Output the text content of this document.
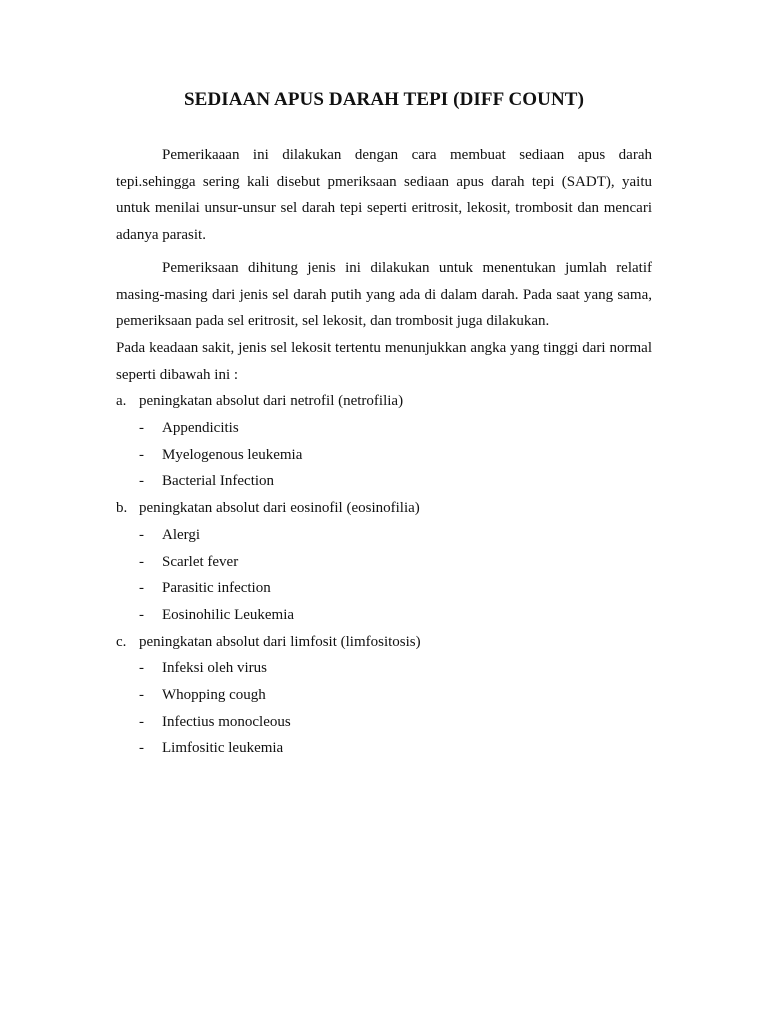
SEDIAAN APUS DARAH TEPI (DIFF COUNT)

Pemerikaaan ini dilakukan dengan cara membuat sediaan apus darah tepi.sehingga sering kali disebut pmeriksaan sediaan apus darah tepi (SADT), yaitu untuk menilai unsur-unsur sel darah tepi seperti eritrosit, lekosit, trombosit dan mencari adanya parasit.

Pemeriksaan dihitung jenis ini dilakukan untuk menentukan jumlah relatif masing-masing dari jenis sel darah putih yang ada di dalam darah. Pada saat yang sama, pemeriksaan pada sel eritrosit, sel lekosit, dan trombosit juga dilakukan.

Pada keadaan sakit, jenis sel lekosit tertentu menunjukkan angka yang tinggi dari normal seperti dibawah ini :

a. peningkatan absolut dari netrofil (netrofilia)
-	Appendicitis
-	Myelogenous leukemia
-	Bacterial Infection
b. peningkatan absolut dari eosinofil (eosinofilia)
-	Alergi
-	Scarlet fever
-	Parasitic infection
-	Eosinohilic Leukemia
c. peningkatan absolut dari limfosit (limfositosis)
-	Infeksi oleh virus
-	Whopping cough
-	Infectius monocleous
-	Limfositic leukemia
